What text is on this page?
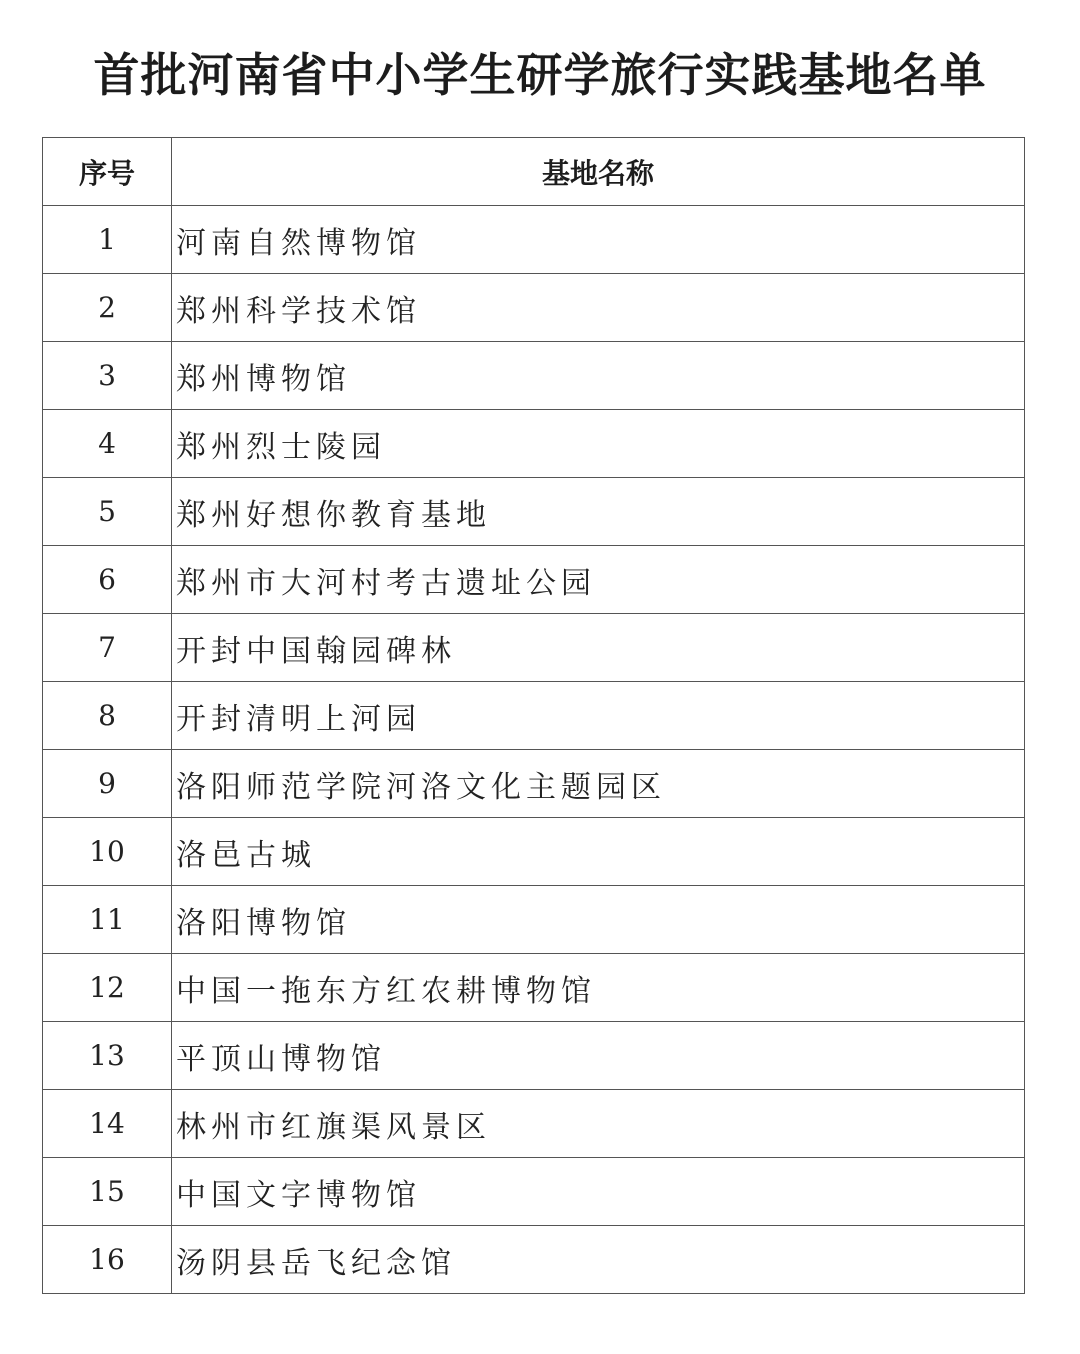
首批河南省中小学生研学旅行实践基地名单
序号	基地名称
1	河南自然博物馆
2	郑州科学技术馆
3	郑州博物馆
4	郑州烈士陵园
5	郑州好想你教育基地
6	郑州市大河村考古遗址公园
7	开封中国翰园碑林
8	开封清明上河园
9	洛阳师范学院河洛文化主题园区
10	洛邑古城
11	洛阳博物馆
12	中国一拖东方红农耕博物馆
13	平顶山博物馆
14	林州市红旗渠风景区
15	中国文字博物馆
16	汤阴县岳飞纪念馆
